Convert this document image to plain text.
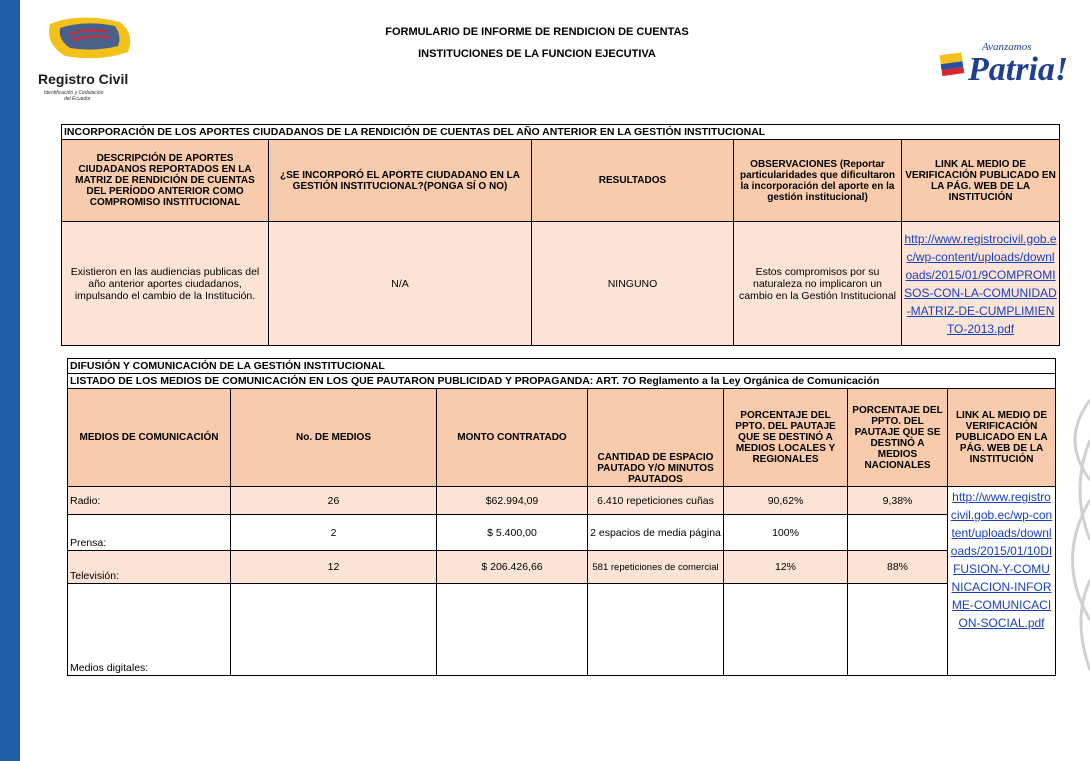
Registro Civil
Identificación y Cedulación
del Ecuador
FORMULARIO DE INFORME DE RENDICION DE CUENTAS
INSTITUCIONES DE LA FUNCION EJECUTIVA
Avanzamos
Patria!
INCORPORACIÓN DE LOS APORTES CIUDADANOS DE LA RENDICIÓN DE CUENTAS DEL AÑO ANTERIOR EN LA GESTIÓN INSTITUCIONAL				
DESCRIPCIÓN DE APORTES CIUDADANOS REPORTADOS EN LA MATRIZ DE RENDICIÓN DE CUENTAS DEL PERÍODO ANTERIOR COMO COMPROMISO INSTITUCIONAL	¿SE INCORPORÓ EL APORTE CIUDADANO EN LA GESTIÓN INSTITUCIONAL?(PONGA SÍ O NO)	RESULTADOS	OBSERVACIONES (Reportar particularidades que dificultaron la incorporación del aporte en la gestión institucional)	LINK AL MEDIO DE VERIFICACIÓN PUBLICADO EN LA PÁG. WEB DE LA INSTITUCIÓN
Existieron en las audiencias publicas del año anterior aportes ciudadanos, impulsando el cambio de la Institución.	N/A	NINGUNO	Estos compromisos por su naturaleza no implicaron un cambio en la Gestión Institucional	http://www.registrocivil.gob.ec/wp-content/uploads/downloads/2015/01/9COMPROMISOS-CON-LA-COMUNIDAD-MATRIZ-DE-CUMPLIMIENTO-2013.pdf
DIFUSIÓN Y COMUNICACIÓN DE LA GESTIÓN INSTITUCIONAL						
LISTADO DE LOS MEDIOS DE COMUNICACIÓN EN LOS QUE PAUTARON PUBLICIDAD Y PROPAGANDA: ART. 7O Reglamento a la Ley Orgánica de Comunicación						
MEDIOS DE COMUNICACIÓN	No. DE MEDIOS	MONTO CONTRATADO	CANTIDAD DE ESPACIO PAUTADO Y/O MINUTOS PAUTADOS	PORCENTAJE DEL PPTO. DEL PAUTAJE QUE SE DESTINÓ A MEDIOS LOCALES Y REGIONALES	PORCENTAJE DEL PPTO. DEL PAUTAJE QUE SE DESTINÓ A MEDIOS NACIONALES	LINK AL MEDIO DE VERIFICACIÓN PUBLICADO EN LA PÁG. WEB DE LA INSTITUCIÓN
Radio:	26	$62.994,09	6.410 repeticiones cuñas	90,62%	9,38%	http://www.registrocivil.gob.ec/wp-content/uploads/downloads/2015/01/10DIFUSION-Y-COMUNICACION-INFORME-COMUNICACION-SOCIAL.pdf
Prensa:	2	$ 5.400,00	2 espacios de media página	100%		
Televisión:	12	$ 206.426,66	581 repeticiones de comercial	12%	88%	
Medios digitales:						
